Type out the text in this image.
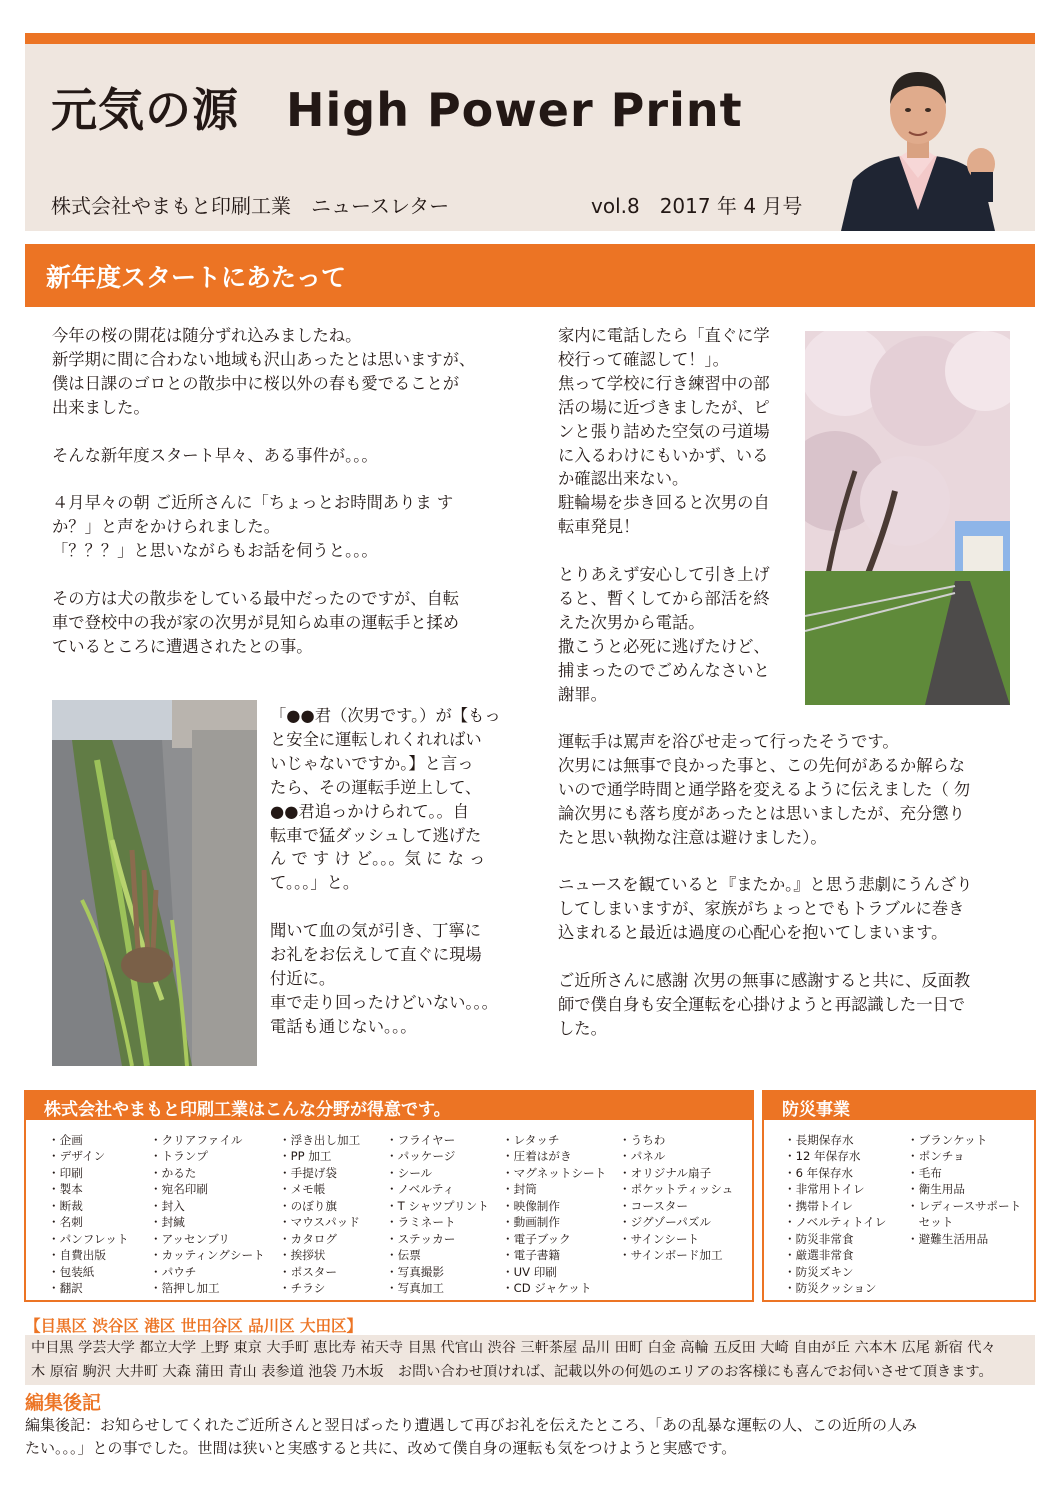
元気の源　High Power Print
株式会社やまもと印刷工業　ニュースレター	vol.8　2017 年 4 月号
新年度スタートにあたって
今年の桜の開花は随分ずれ込みましたね。
新学期に間に合わない地域も沢山あったとは思いますが、
僕は日課のゴロとの散歩中に桜以外の春も愛でることが
出来ました。

そんな新年度スタート早々、ある事件が。。。

４月早々の朝 ご近所さんに「ちょっとお時間ありま す
か？」と声をかけられました。
「？？？」と思いながらもお話を伺うと。。。

その方は犬の散歩をしている最中だったのですが、自転
車で登校中の我が家の次男が見知らぬ車の運転手と揉め
ているところに遭遇されたとの事。
「●●君（次男です。）が【もっ
と安全に運転しれくれればい
いじゃないですか。】と言っ
たら、その運転手逆上して、
●●君追っかけられて。。自
転車で猛ダッシュして逃げた
ん で す け ど。。。気 に な っ
て。。。」と。

聞いて血の気が引き、丁寧に
お礼をお伝えして直ぐに現場
付近に。
車で走り回ったけどいない。。。
電話も通じない。。。
家内に電話したら「直ぐに学
校行って確認して！」。
焦って学校に行き練習中の部
活の場に近づきましたが、ピ
ンと張り詰めた空気の弓道場
に入るわけにもいかず、いる
か確認出来ない。
駐輪場を歩き回ると次男の自
転車発見！

とりあえず安心して引き上げ
ると、暫くしてから部活を終
えた次男から電話。
撒こうと必死に逃げたけど、
捕まったのでごめんなさいと
謝罪。
運転手は罵声を浴びせ走って行ったそうです。
次男には無事で良かった事と、この先何があるか解らな
いので通学時間と通学路を変えるように伝えました（ 勿
論次男にも落ち度があったとは思いましたが、充分懲り
たと思い執拗な注意は避けました）。

ニュースを観ていると『またか。』と思う悲劇にうんざり
してしまいますが、家族がちょっとでもトラブルに巻き
込まれると最近は過度の心配心を抱いてしまいます。

ご近所さんに感謝 次男の無事に感謝すると共に、反面教
師で僕自身も安全運転を心掛けようと再認識した一日で
した。
株式会社やまもと印刷工業はこんな分野が得意です。
・企画
・デザイン
・印刷
・製本
・断裁
・名刺
・パンフレット
・自費出版
・包装紙
・翻訳
・クリアファイル
・トランプ
・かるた
・宛名印刷
・封入
・封緘
・アッセンブリ
・カッティングシート
・パウチ
・箔押し加工
・浮き出し加工
・PP 加工
・手提げ袋
・メモ帳
・のぼり旗
・マウスパッド
・カタログ
・挨拶状
・ポスター
・チラシ
・フライヤー
・パッケージ
・シール
・ノベルティ
・T シャツプリント
・ラミネート
・ステッカー
・伝票
・写真撮影
・写真加工
・レタッチ
・圧着はがき
・マグネットシート
・封筒
・映像制作
・動画制作
・電子ブック
・電子書籍
・UV 印刷
・CD ジャケット
・うちわ
・パネル
・オリジナル扇子
・ポケットティッシュ
・コースター
・ジグゾーパズル
・サインシート
・サインボード加工
防災事業
・長期保存水
・12 年保存水
・6 年保存水
・非常用トイレ
・携帯トイレ
・ノベルティトイレ
・防災非常食
・厳選非常食
・防災ズキン
・防災クッション
・ブランケット
・ポンチョ
・毛布
・衛生用品
・レディースサポート
　セット
・避難生活用品
【目黒区 渋谷区 港区 世田谷区 品川区 大田区】
中目黒 学芸大学 都立大学 上野 東京 大手町 恵比寿 祐天寺 目黒 代官山 渋谷 三軒茶屋 品川 田町 白金 高輪 五反田 大崎 自由が丘 六本木 広尾 新宿 代々
木 原宿 駒沢 大井町 大森 蒲田 青山 表参道 池袋 乃木坂　お問い合わせ頂ければ、記載以外の何処のエリアのお客様にも喜んでお伺いさせて頂きます。
編集後記
編集後記：お知らせしてくれたご近所さんと翌日ばったり遭遇して再びお礼を伝えたところ、「あの乱暴な運転の人、この近所の人み
たい。。。」との事でした。世間は狭いと実感すると共に、改めて僕自身の運転も気をつけようと実感です。
